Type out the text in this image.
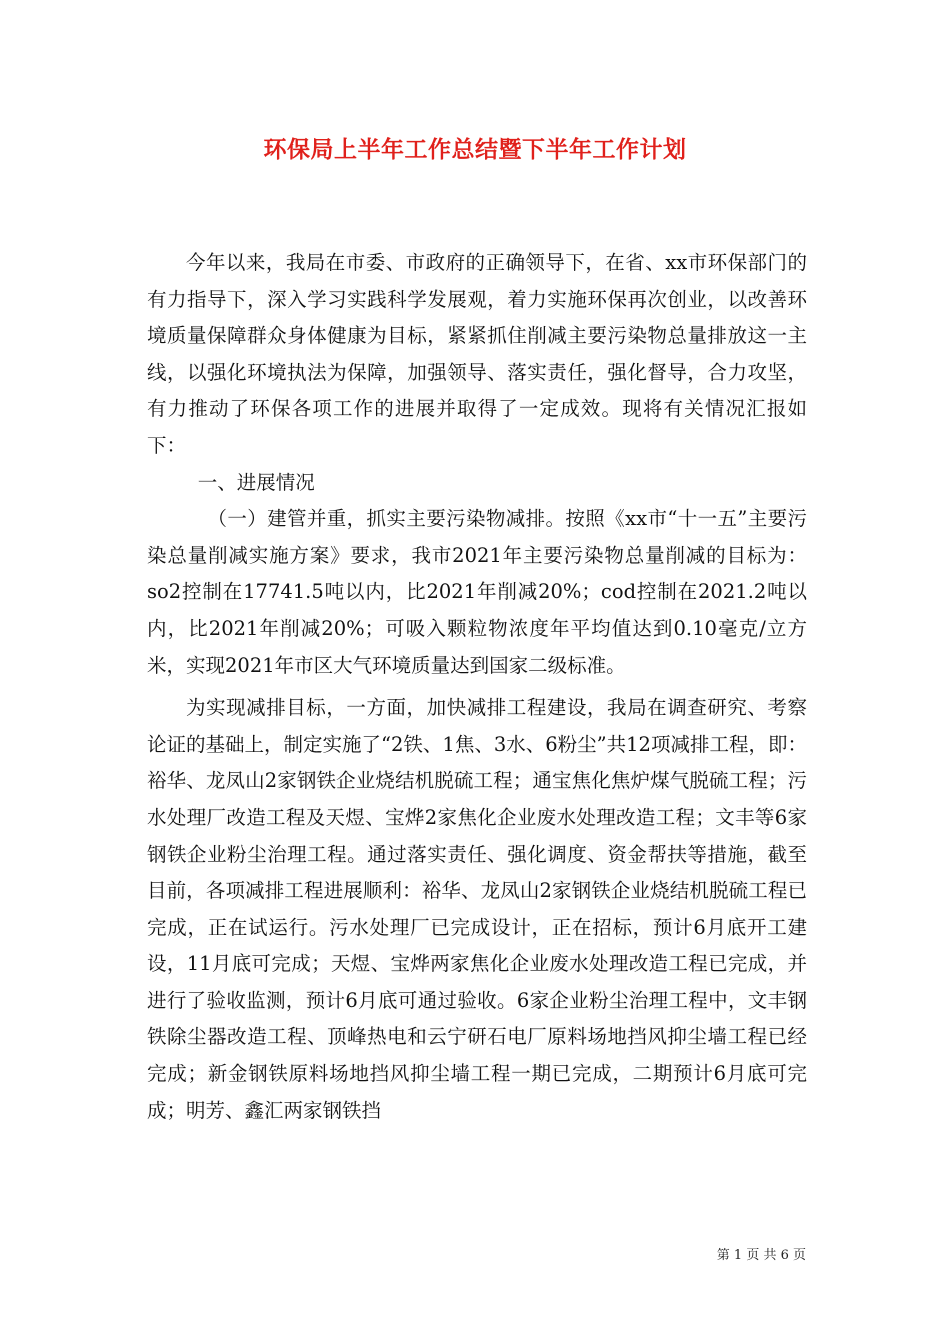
环保局上半年工作总结暨下半年工作计划

今年以来，我局在市委、市政府的正确领导下，在省、xx市环保部门的有力指导下，深入学习实践科学发展观，着力实施环保再次创业，以改善环境质量保障群众身体健康为目标，紧紧抓住削减主要污染物总量排放这一主线，以强化环境执法为保障，加强领导、落实责任，强化督导，合力攻坚，有力推动了环保各项工作的进展并取得了一定成效。现将有关情况汇报如下：

一、进展情况

（一）建管并重，抓实主要污染物减排。按照《xx市“十一五”主要污染总量削减实施方案》要求，我市2021年主要污染物总量削减的目标为：so2控制在17741.5吨以内，比2021年削减20%；cod控制在2021.2吨以内，比2021年削减20%；可吸入颗粒物浓度年平均值达到0.10毫克/立方米，实现2021年市区大气环境质量达到国家二级标准。

为实现减排目标，一方面，加快减排工程建设，我局在调查研究、考察论证的基础上，制定实施了“2铁、1焦、3水、6粉尘”共12项减排工程，即：裕华、龙凤山2家钢铁企业烧结机脱硫工程；通宝焦化焦炉煤气脱硫工程；污水处理厂改造工程及天煜、宝烨2家焦化企业废水处理改造工程；文丰等6家钢铁企业粉尘治理工程。通过落实责任、强化调度、资金帮扶等措施，截至目前，各项减排工程进展顺利：裕华、龙凤山2家钢铁企业烧结机脱硫工程已完成，正在试运行。污水处理厂已完成设计，正在招标，预计6月底开工建设，11月底可完成；天煜、宝烨两家焦化企业废水处理改造工程已完成，并进行了验收监测，预计6月底可通过验收。6家企业粉尘治理工程中，文丰钢铁除尘器改造工程、顶峰热电和云宁研石电厂原料场地挡风抑尘墙工程已经完成；新金钢铁原料场地挡风抑尘墙工程一期已完成，二期预计6月底可完成；明芳、鑫汇两家钢铁挡

第 1 页 共 6 页
